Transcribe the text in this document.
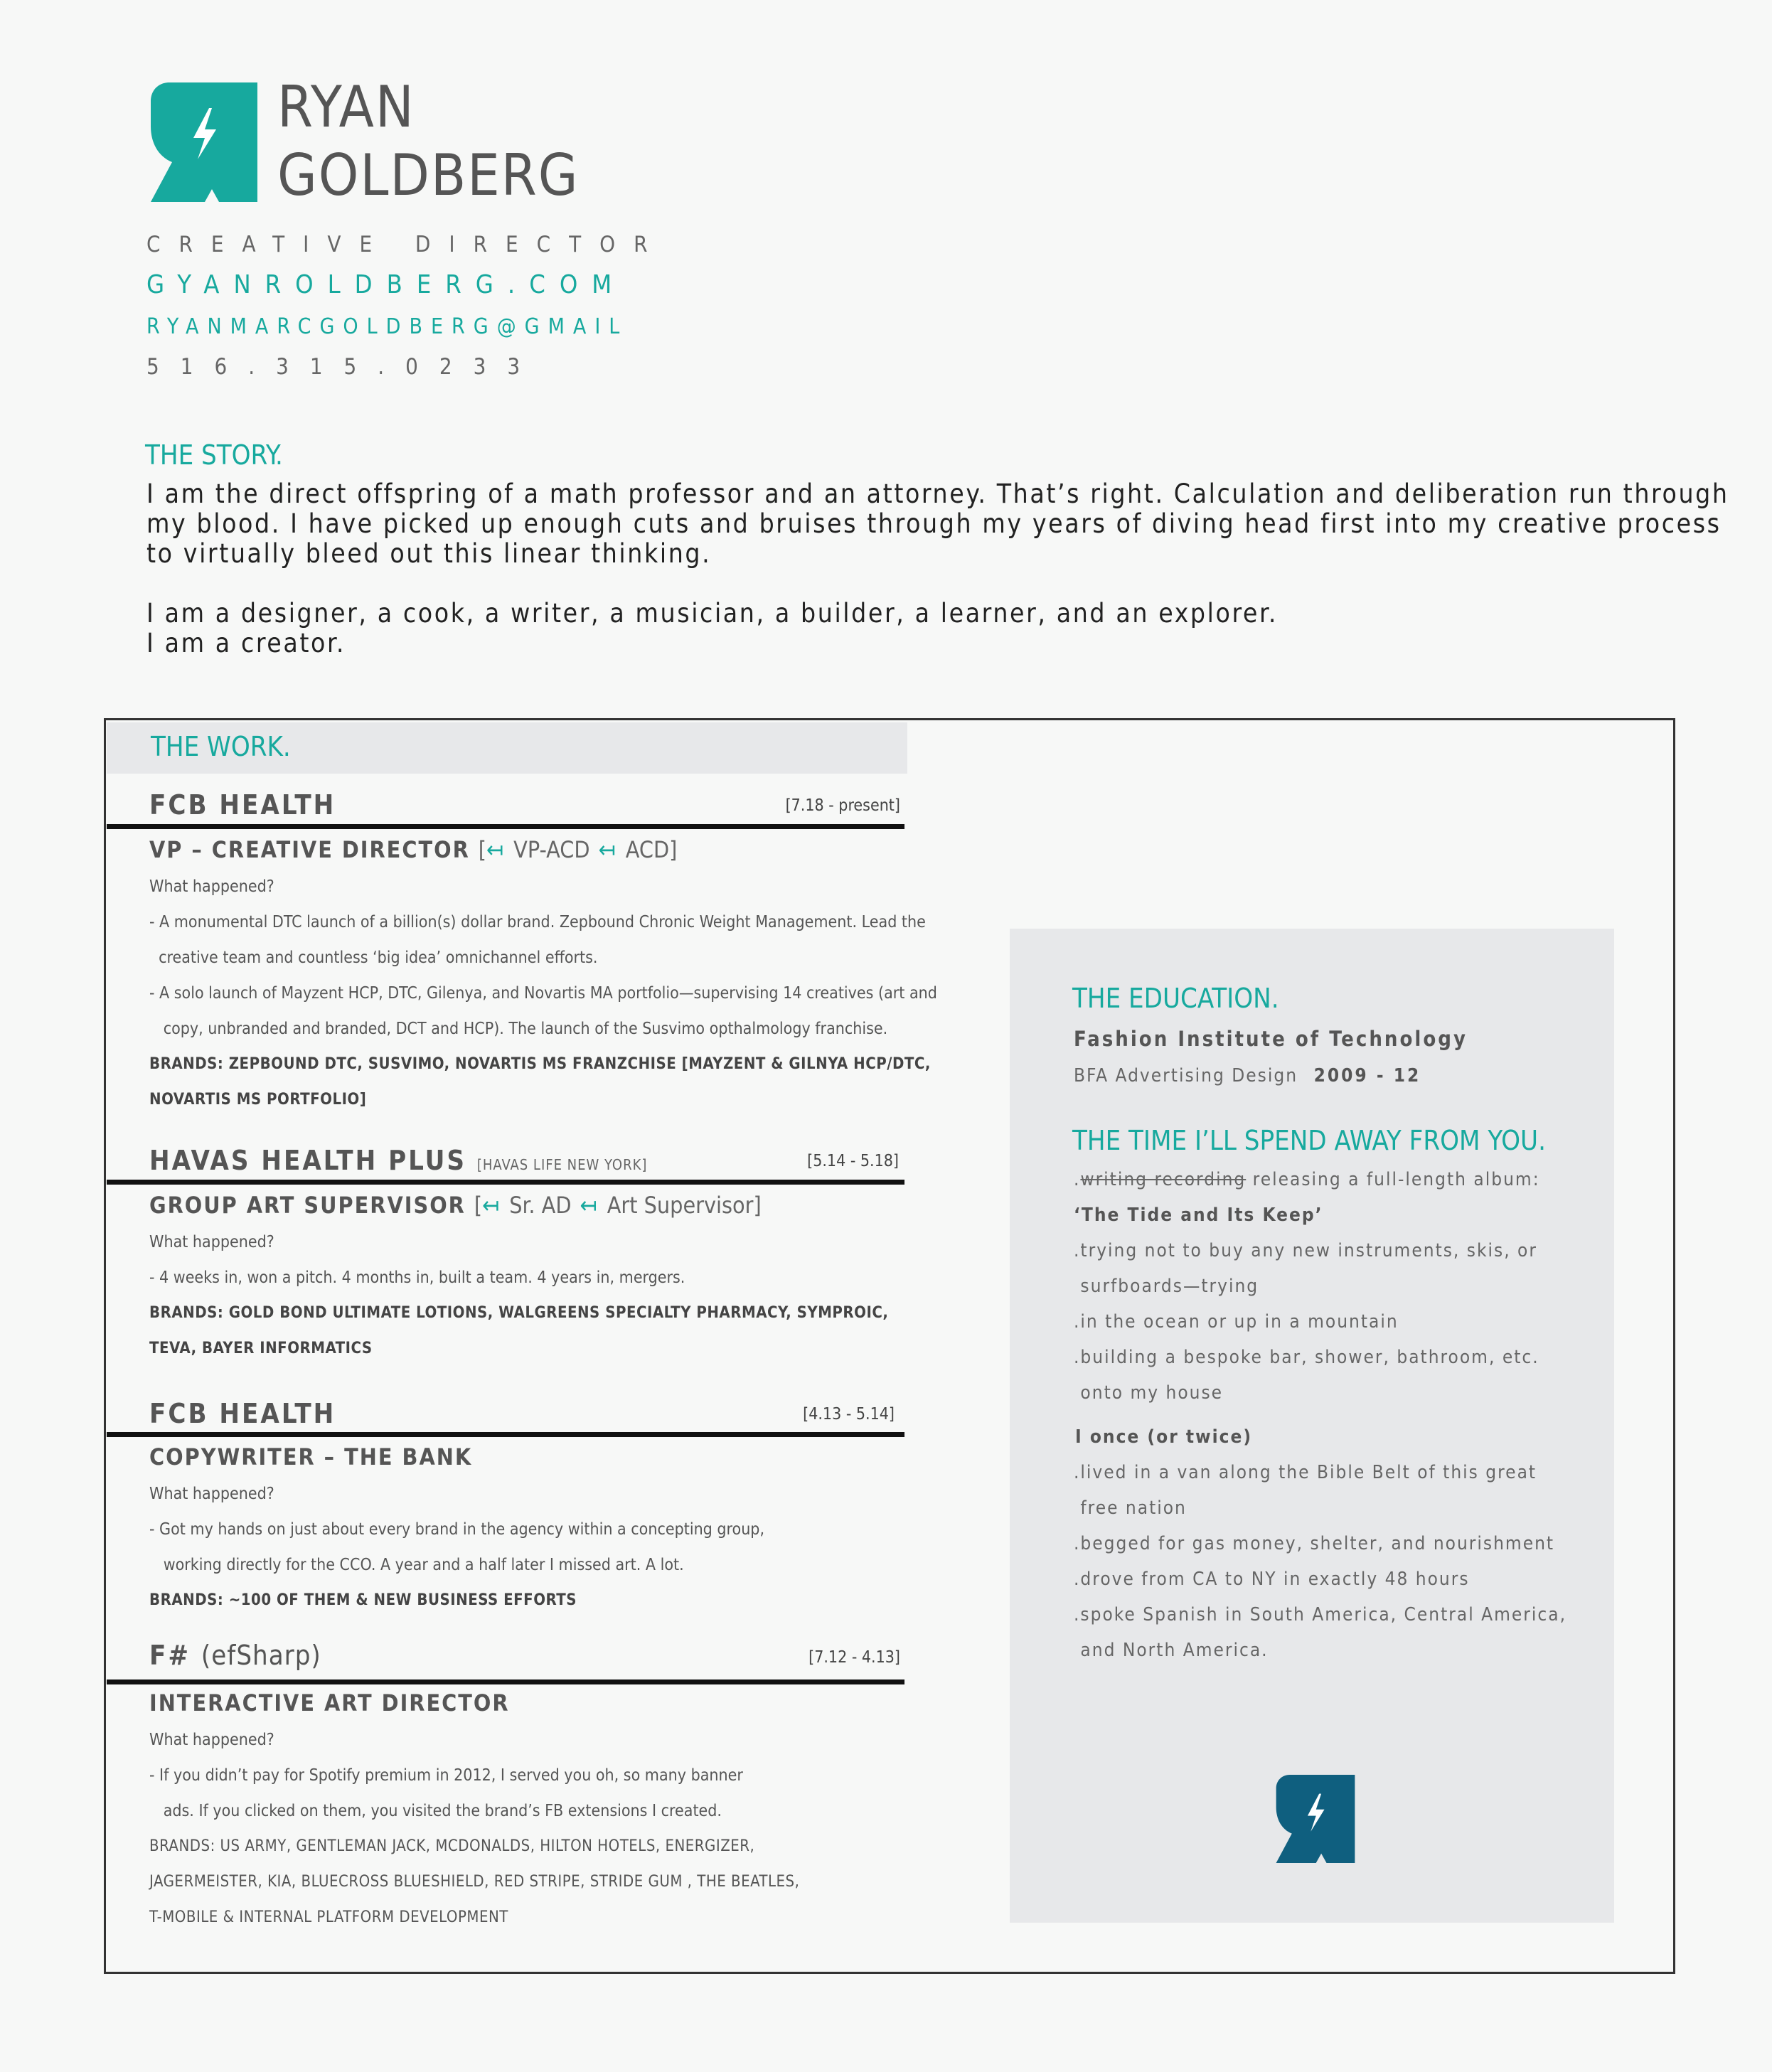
RYAN
GOLDBERG
CREATIVE DIRECTOR
GYANROLDBERG.COM
RYANMARCGOLDBERG@GMAIL
516.315.0233
THE STORY.
I am the direct offspring of a math professor and an attorney. That’s right. Calculation and deliberation run through
my blood. I have picked up enough cuts and bruises through my years of diving head first into my creative process
to virtually bleed out this linear thinking.
I am a designer, a cook, a writer, a musician, a builder, a learner, and an explorer.
I am a creator.
THE WORK.
FCB HEALTH	[7.18 - present]
VP – CREATIVE DIRECTOR [↤ VP-ACD ↤ ACD]
What happened?
- A monumental DTC launch of a billion(s) dollar brand. Zepbound Chronic Weight Management. Lead the
creative team and countless ‘big idea’ omnichannel efforts.
- A solo launch of Mayzent HCP, DTC, Gilenya, and Novartis MA portfolio—supervising 14 creatives (art and
copy, unbranded and branded, DCT and HCP). The launch of the Susvimo opthalmology franchise.
BRANDS: ZEPBOUND DTC, SUSVIMO, NOVARTIS MS FRANZCHISE [MAYZENT & GILNYA HCP/DTC,
NOVARTIS MS PORTFOLIO]
HAVAS HEALTH PLUS [HAVAS LIFE NEW YORK]	[5.14 - 5.18]
GROUP ART SUPERVISOR [↤ Sr. AD ↤ Art Supervisor]
What happened?
- 4 weeks in, won a pitch. 4 months in, built a team. 4 years in, mergers.
BRANDS: GOLD BOND ULTIMATE LOTIONS, WALGREENS SPECIALTY PHARMACY, SYMPROIC,
TEVA, BAYER INFORMATICS
FCB HEALTH	[4.13 - 5.14]
COPYWRITER – THE BANK
What happened?
- Got my hands on just about every brand in the agency within a concepting group,
working directly for the CCO. A year and a half later I missed art. A lot.
BRANDS: ~100 OF THEM & NEW BUSINESS EFFORTS
F# (efSharp)	[7.12 - 4.13]
INTERACTIVE ART DIRECTOR
What happened?
- If you didn’t pay for Spotify premium in 2012, I served you oh, so many banner
ads. If you clicked on them, you visited the brand’s FB extensions I created.
BRANDS: US ARMY, GENTLEMAN JACK, MCDONALDS, HILTON HOTELS, ENERGIZER,
JAGERMEISTER, KIA, BLUECROSS BLUESHIELD, RED STRIPE, STRIDE GUM , THE BEATLES,
T-MOBILE & INTERNAL PLATFORM DEVELOPMENT
THE EDUCATION.
Fashion Institute of Technology
BFA Advertising Design 2009 - 12
THE TIME I’LL SPEND AWAY FROM YOU.
.writing recording releasing a full-length album:
‘The Tide and Its Keep’
.trying not to buy any new instruments, skis, or
surfboards—trying
.in the ocean or up in a mountain
.building a bespoke bar, shower, bathroom, etc.
onto my house
I once (or twice)
.lived in a van along the Bible Belt of this great
free nation
.begged for gas money, shelter, and nourishment
.drove from CA to NY in exactly 48 hours
.spoke Spanish in South America, Central America,
and North America.
